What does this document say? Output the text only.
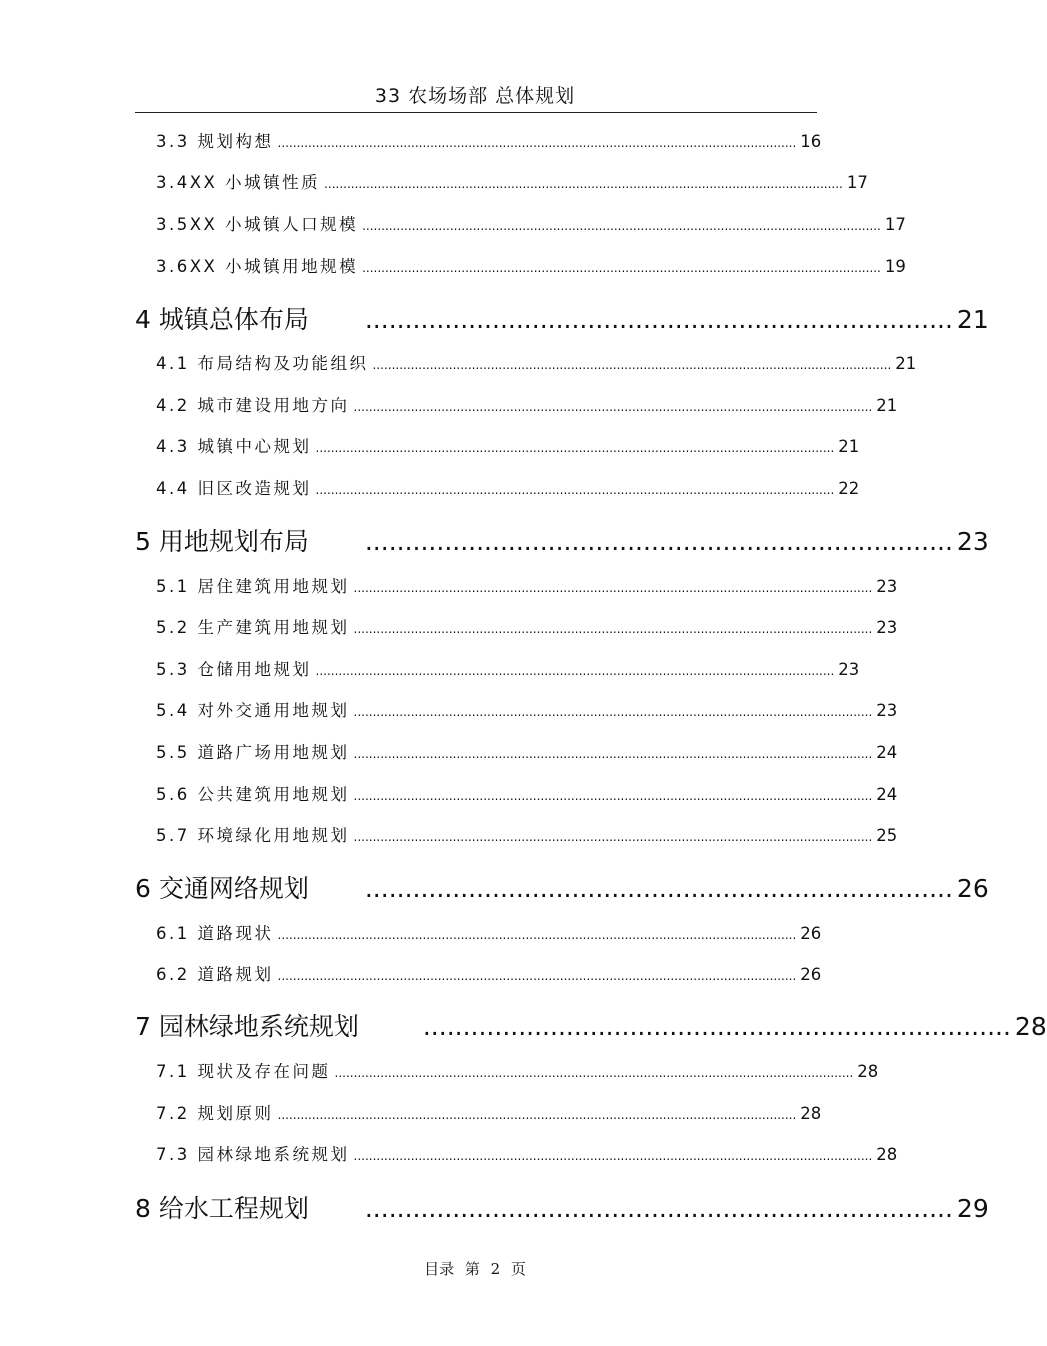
33 农场场部 总体规划
3.3 规划构想 ........................................................................................................................................ 16
3.4XX 小城镇性质 ........................................................................................................................................ 17
3.5XX 小城镇人口规模 ........................................................................................................................................ 17
3.6XX 小城镇用地规模 ........................................................................................................................................ 19
4 城镇总体布局 .......................................................................... 21
4.1 布局结构及功能组织 ........................................................................................................................................ 21
4.2 城市建设用地方向 ........................................................................................................................................ 21
4.3 城镇中心规划 ........................................................................................................................................ 21
4.4 旧区改造规划 ........................................................................................................................................ 22
5 用地规划布局 .......................................................................... 23
5.1 居住建筑用地规划 ........................................................................................................................................ 23
5.2 生产建筑用地规划 ........................................................................................................................................ 23
5.3 仓储用地规划 ........................................................................................................................................ 23
5.4 对外交通用地规划 ........................................................................................................................................ 23
5.5 道路广场用地规划 ........................................................................................................................................ 24
5.6 公共建筑用地规划 ........................................................................................................................................ 24
5.7 环境绿化用地规划 ........................................................................................................................................ 25
6 交通网络规划 .......................................................................... 26
6.1 道路现状 ........................................................................................................................................ 26
6.2 道路规划 ........................................................................................................................................ 26
7 园林绿地系统规划	.......................................................................... 28
7.1 现状及存在问题 ........................................................................................................................................ 28
7.2 规划原则 ........................................................................................................................................ 28
7.3 园林绿地系统规划 ........................................................................................................................................ 28
8 给水工程规划 .......................................................................... 29
目录 第 2 页
